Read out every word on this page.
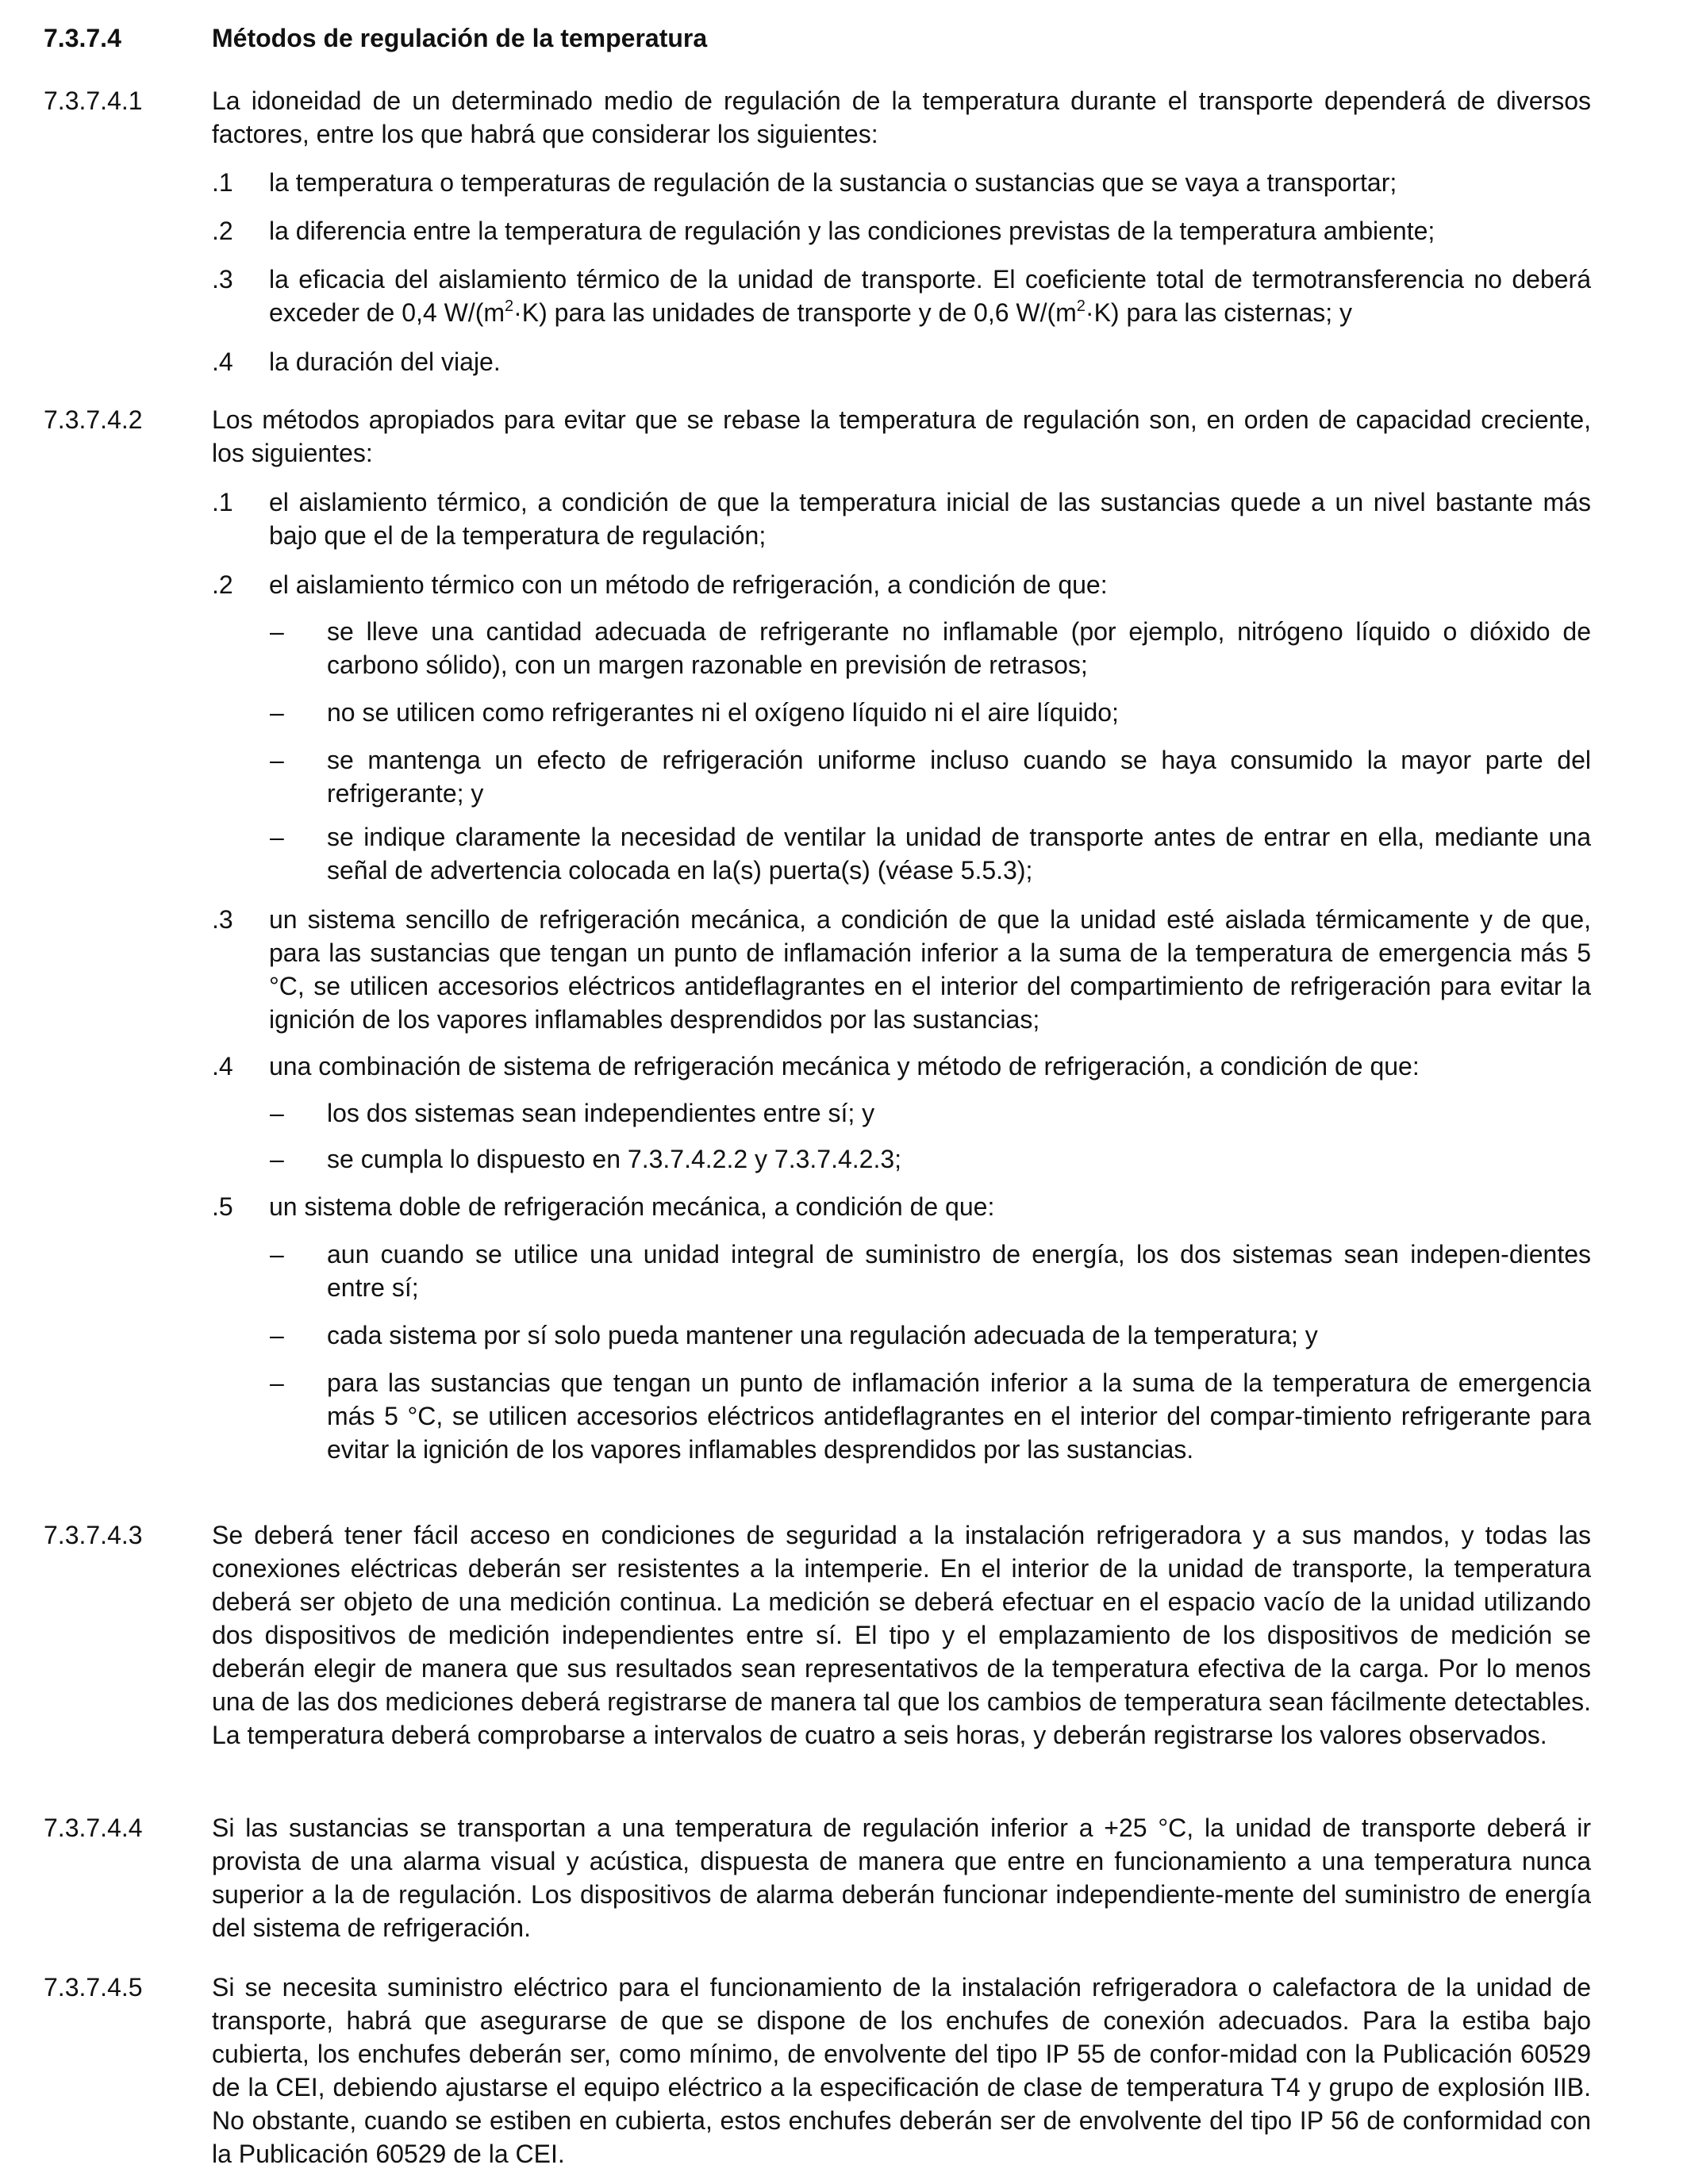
7.3.7.4	Métodos de regulación de la temperatura
7.3.7.4.1	La idoneidad de un determinado medio de regulación de la temperatura durante el transporte dependerá de diversos factores, entre los que habrá que considerar los siguientes:
.1 la temperatura o temperaturas de regulación de la sustancia o sustancias que se vaya a transportar;
.2 la diferencia entre la temperatura de regulación y las condiciones previstas de la temperatura ambiente;
.3 la eficacia del aislamiento térmico de la unidad de transporte. El coeficiente total de termotransferencia no deberá exceder de 0,4 $W/(m^2\cdot K)$ para las unidades de transporte y de 0,6 $W/(m^2\cdot K)$ para las cisternas; y
.4 la duración del viaje.
7.3.7.4.2	Los métodos apropiados para evitar que se rebase la temperatura de regulación son, en orden de capacidad creciente, los siguientes:
.1 el aislamiento térmico, a condición de que la temperatura inicial de las sustancias quede a un nivel bastante más bajo que el de la temperatura de regulación;
.2 el aislamiento térmico con un método de refrigeración, a condición de que:
– se lleve una cantidad adecuada de refrigerante no inflamable (por ejemplo, nitrógeno líquido o dióxido de carbono sólido), con un margen razonable en previsión de retrasos;
– no se utilicen como refrigerantes ni el oxígeno líquido ni el aire líquido;
– se mantenga un efecto de refrigeración uniforme incluso cuando se haya consumido la mayor parte del refrigerante; y
– se indique claramente la necesidad de ventilar la unidad de transporte antes de entrar en ella, mediante una señal de advertencia colocada en la(s) puerta(s) (véase 5.5.3);
.3 un sistema sencillo de refrigeración mecánica, a condición de que la unidad esté aislada térmicamente y de que, para las sustancias que tengan un punto de inflamación inferior a la suma de la temperatura de emergencia más 5 °C, se utilicen accesorios eléctricos antideflagrantes en el interior del compartimiento de refrigeración para evitar la ignición de los vapores inflamables desprendidos por las sustancias;
.4 una combinación de sistema de refrigeración mecánica y método de refrigeración, a condición de que:
– los dos sistemas sean independientes entre sí; y
– se cumpla lo dispuesto en 7.3.7.4.2.2 y 7.3.7.4.2.3;
.5 un sistema doble de refrigeración mecánica, a condición de que:
– aun cuando se utilice una unidad integral de suministro de energía, los dos sistemas sean indepen-dientes entre sí;
– cada sistema por sí solo pueda mantener una regulación adecuada de la temperatura; y
– para las sustancias que tengan un punto de inflamación inferior a la suma de la temperatura de emergencia más 5 °C, se utilicen accesorios eléctricos antideflagrantes en el interior del compar-timiento refrigerante para evitar la ignición de los vapores inflamables desprendidos por las sustancias.
7.3.7.4.3	Se deberá tener fácil acceso en condiciones de seguridad a la instalación refrigeradora y a sus mandos, y todas las conexiones eléctricas deberán ser resistentes a la intemperie. En el interior de la unidad de transporte, la temperatura deberá ser objeto de una medición continua. La medición se deberá efectuar en el espacio vacío de la unidad utilizando dos dispositivos de medición independientes entre sí. El tipo y el emplazamiento de los dispositivos de medición se deberán elegir de manera que sus resultados sean representativos de la temperatura efectiva de la carga. Por lo menos una de las dos mediciones deberá registrarse de manera tal que los cambios de temperatura sean fácilmente detectables. La temperatura deberá comprobarse a intervalos de cuatro a seis horas, y deberán registrarse los valores observados.
7.3.7.4.4	Si las sustancias se transportan a una temperatura de regulación inferior a +25 °C, la unidad de transporte deberá ir provista de una alarma visual y acústica, dispuesta de manera que entre en funcionamiento a una temperatura nunca superior a la de regulación. Los dispositivos de alarma deberán funcionar independiente-mente del suministro de energía del sistema de refrigeración.
7.3.7.4.5	Si se necesita suministro eléctrico para el funcionamiento de la instalación refrigeradora o calefactora de la unidad de transporte, habrá que asegurarse de que se dispone de los enchufes de conexión adecuados. Para la estiba bajo cubierta, los enchufes deberán ser, como mínimo, de envolvente del tipo IP 55 de confor-midad con la Publicación 60529 de la CEI, debiendo ajustarse el equipo eléctrico a la especificación de clase de temperatura T4 y grupo de explosión IIB. No obstante, cuando se estiben en cubierta, estos enchufes deberán ser de envolvente del tipo IP 56 de conformidad con la Publicación 60529 de la CEI.
